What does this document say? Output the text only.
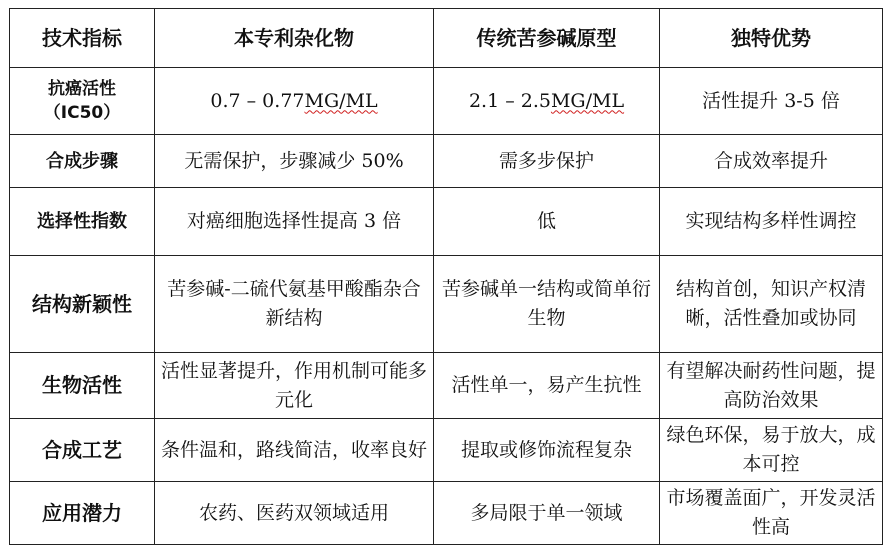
技术指标	本专利杂化物	传统苦参碱原型	独特优势

抗癌活性
（IC50）	0.7 – 0.77MG/ML	2.1 – 2.5MG/ML	活性提升 3-5 倍
合成步骤	无需保护，步骤减少 50%	需多步保护	合成效率提升
选择性指数	对癌细胞选择性提高 3 倍	低	实现结构多样性调控
结构新颖性	苦参碱-二硫代氨基甲酸酯杂合新结构	苦参碱单一结构或简单衍生物	结构首创，知识产权清晰，活性叠加或协同
生物活性	活性显著提升，作用机制可能多元化	活性单一，易产生抗性	有望解决耐药性问题，提高防治效果
合成工艺	条件温和，路线简洁，收率良好	提取或修饰流程复杂	绿色环保，易于放大，成本可控
应用潜力	农药、医药双领域适用	多局限于单一领域	市场覆盖面广，开发灵活性高
